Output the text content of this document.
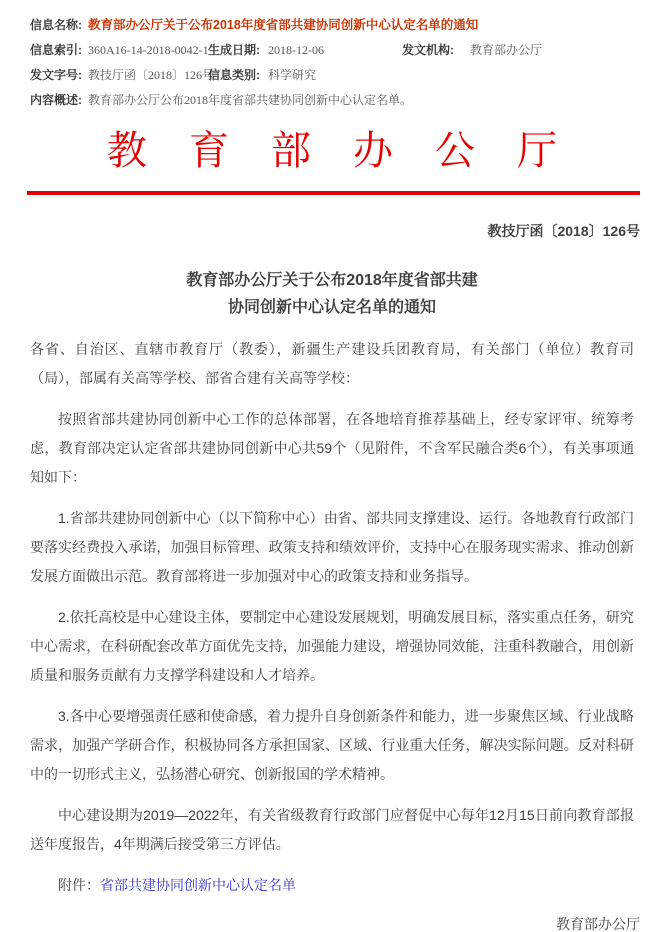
信息名称: 教育部办公厅关于公布2018年度省部共建协同创新中心认定名单的通知
信息索引: 360A16-14-2018-0042-1 生成日期: 2018-12-06	发文机构:	教育部办公厅
发文字号: 教技厅函〔2018〕126号
信息类别: 科学研究
内容概述: 教育部办公厅公布2018年度省部共建协同创新中心认定名单。
教育部办公厅
教技厅函〔2018〕126号
教育部办公厅关于公布2018年度省部共建
协同创新中心认定名单的通知

各省、自治区、直辖市教育厅（教委），新疆生产建设兵团教育局，有关部门（单位）教育司（局），部属有关高等学校、部省合建有关高等学校：

按照省部共建协同创新中心工作的总体部署，在各地培育推荐基础上，经专家评审、统筹考虑，教育部决定认定省部共建协同创新中心共59个（见附件，不含军民融合类6个），有关事项通知如下：

1.省部共建协同创新中心（以下简称中心）由省、部共同支撑建设、运行。各地教育行政部门要落实经费投入承诺，加强目标管理、政策支持和绩效评价，支持中心在服务现实需求、推动创新发展方面做出示范。教育部将进一步加强对中心的政策支持和业务指导。

2.依托高校是中心建设主体，要制定中心建设发展规划，明确发展目标，落实重点任务，研究中心需求，在科研配套改革方面优先支持，加强能力建设，增强协同效能，注重科教融合，用创新质量和服务贡献有力支撑学科建设和人才培养。

3.各中心要增强责任感和使命感，着力提升自身创新条件和能力，进一步聚焦区域、行业战略需求，加强产学研合作，积极协同各方承担国家、区域、行业重大任务，解决实际问题。反对科研中的一切形式主义，弘扬潜心研究、创新报国的学术精神。

中心建设期为2019—2022年，有关省级教育行政部门应督促中心每年12月15日前向教育部报送年度报告，4年期满后接受第三方评估。

附件：省部共建协同创新中心认定名单

教育部办公厅
